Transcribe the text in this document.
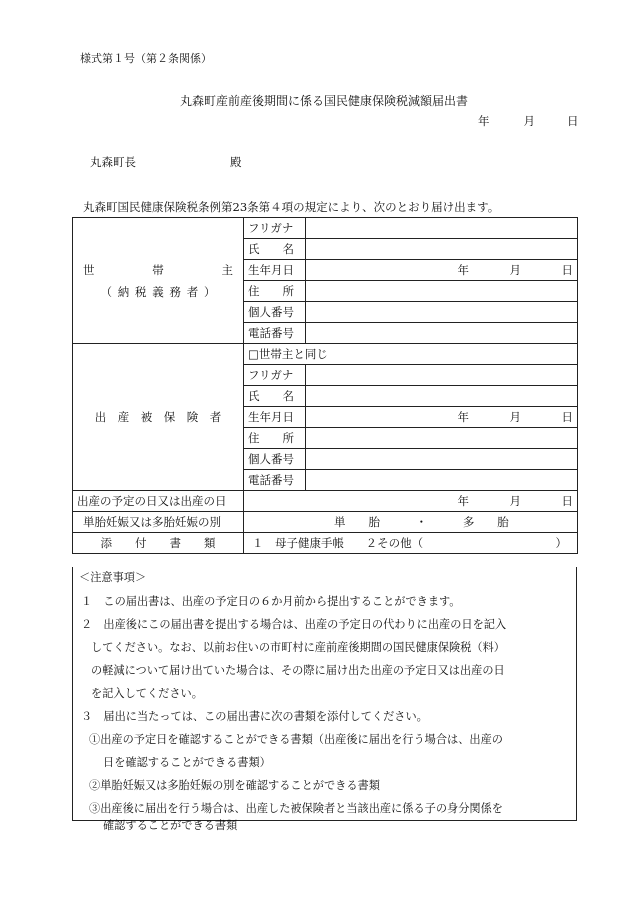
様式第１号（第２条関係）
丸森町産前産後期間に係る国民健康保険税減額届出書
年	月	日
丸森町長	殿
丸森町国民健康保険税条例第23条第４項の規定により、次のとおり届け出ます。
世 帯 主
（納税義務者）	フリガナ	
	氏　　名	
	生年月日	年 月 日

	住　　所	
	個人番号	
	電話番号	
出　産　被　保　険　者	□世帯主と同じ	
	フリガナ	
	氏　　名	
	生年月日	年 月 日

	住　　所	
	個人番号	
	電話番号	
出産の予定の日又は出産の日	年 月 日	

単胎妊娠又は多胎妊娠の別	単　　胎 ・ 多　　胎	
添　　付　　書　　類	１　母子健康手帳 ２その他（ ）	
＜注意事項＞
１　この届出書は、出産の予定日の６か月前から提出することができます。
２　出産後にこの届出書を提出する場合は、出産の予定日の代わりに出産の日を記入
してください。なお、以前お住いの市町村に産前産後期間の国民健康保険税（料）
の軽減について届け出ていた場合は、その際に届け出た出産の予定日又は出産の日
を記入してください。
３　届出に当たっては、この届出書に次の書類を添付してください。
①出産の予定日を確認することができる書類（出産後に届出を行う場合は、出産の
日を確認することができる書類）
②単胎妊娠又は多胎妊娠の別を確認することができる書類
③出産後に届出を行う場合は、出産した被保険者と当該出産に係る子の身分関係を
確認することができる書類
